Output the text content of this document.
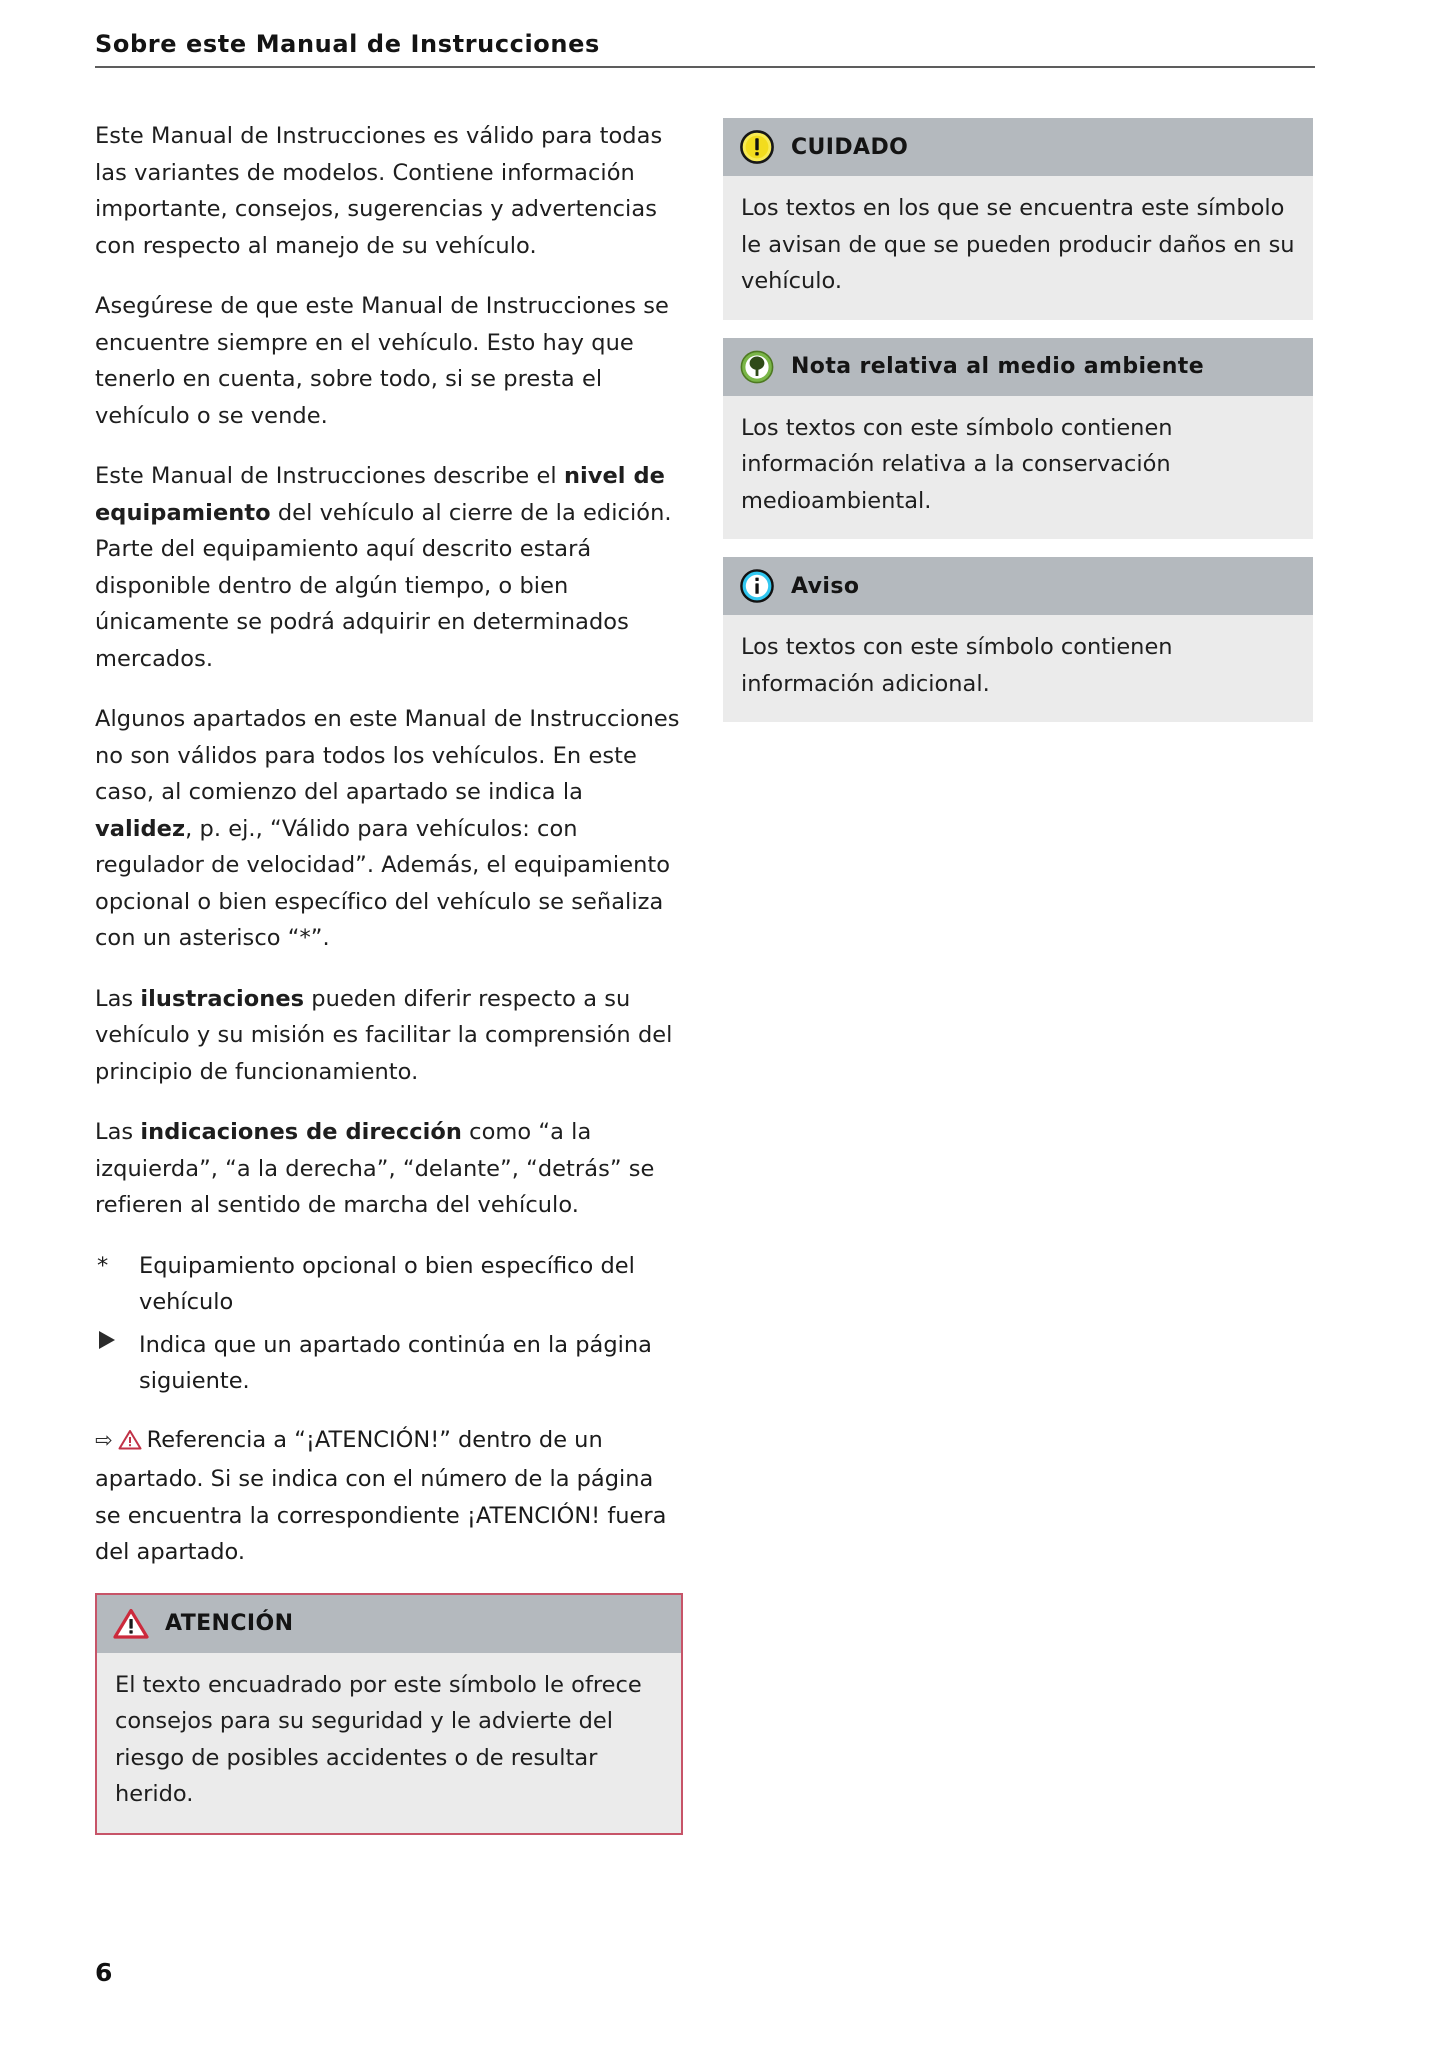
Sobre este Manual de Instrucciones

Este Manual de Instrucciones es válido para todas las variantes de modelos. Contiene información importante, consejos, sugerencias y advertencias con respecto al manejo de su vehículo.

Asegúrese de que este Manual de Instrucciones se encuentre siempre en el vehículo. Esto hay que tenerlo en cuenta, sobre todo, si se presta el vehículo o se vende.

Este Manual de Instrucciones describe el nivel de equipamiento del vehículo al cierre de la edición. Parte del equipamiento aquí descrito estará disponible dentro de algún tiempo, o bien únicamente se podrá adquirir en determinados mercados.

Algunos apartados en este Manual de Instrucciones no son válidos para todos los vehículos. En este caso, al comienzo del apartado se indica la validez, p. ej., “Válido para vehículos: con regulador de velocidad”. Además, el equipamiento opcional o bien específico del vehículo se señaliza con un asterisco “*”.

Las ilustraciones pueden diferir respecto a su vehículo y su misión es facilitar la comprensión del principio de funcionamiento.

Las indicaciones de dirección como “a la izquierda”, “a la derecha”, “delante”, “detrás” se refieren al sentido de marcha del vehículo.

*	Equipamiento opcional o bien específico del vehículo
Indica que un apartado continúa en la página siguiente.

⇨ Referencia a “¡ATENCIÓN!” dentro de un apartado. Si se indica con el número de la página se encuentra la correspondiente ¡ATENCIÓN! fuera del apartado.

ATENCIÓN
El texto encuadrado por este símbolo le ofrece consejos para su seguridad y le advierte del riesgo de posibles accidentes o de resultar herido.
CUIDADO
Los textos en los que se encuentra este símbolo le avisan de que se pueden producir daños en su vehículo.
Nota relativa al medio ambiente
Los textos con este símbolo contienen información relativa a la conservación medioambiental.
Aviso
Los textos con este símbolo contienen información adicional.
6
